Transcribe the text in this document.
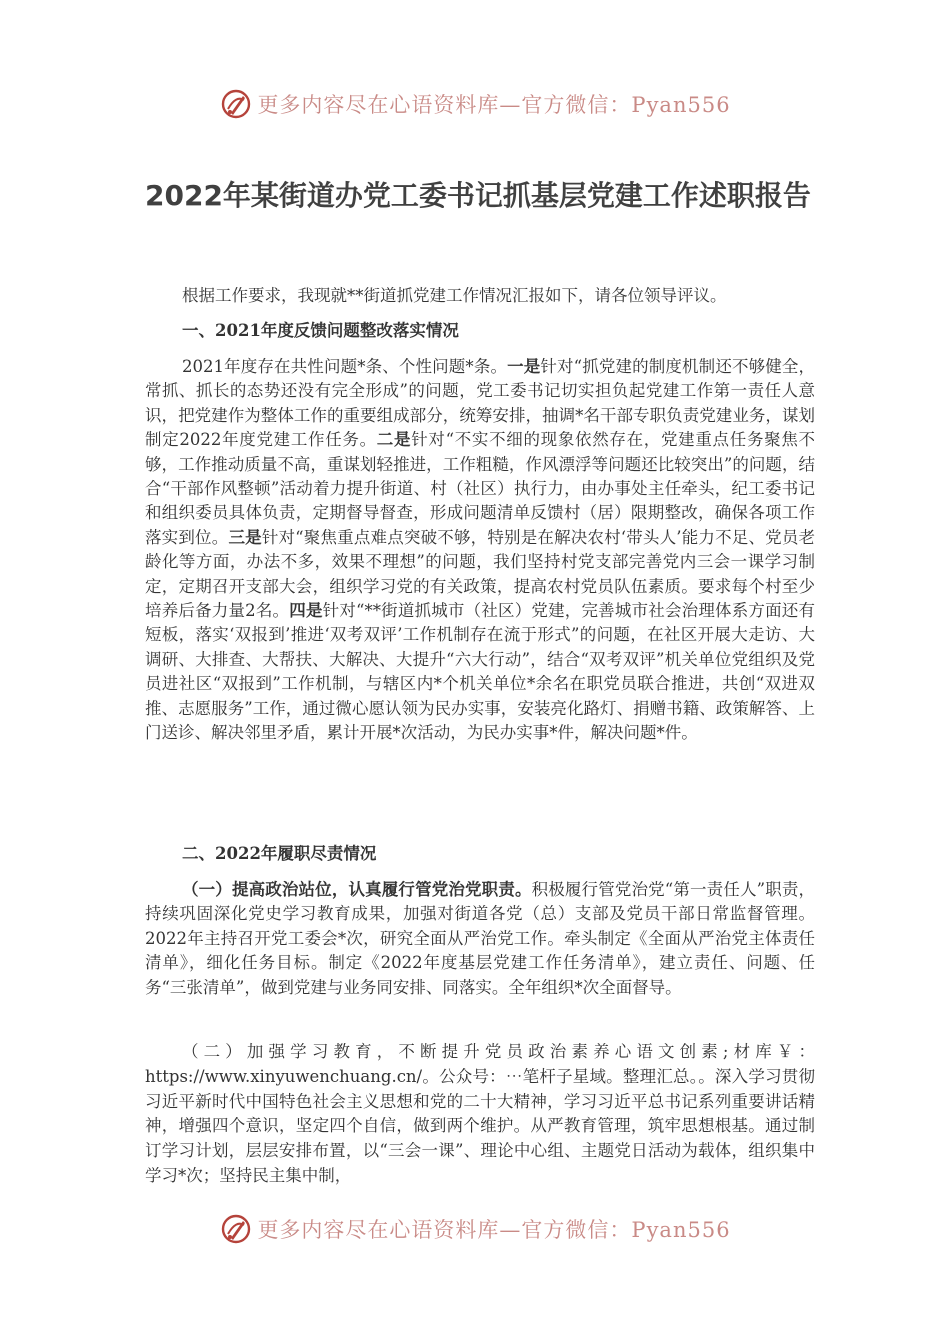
更多内容尽在心语资料库—官方微信：Pyan556
2022年某街道办党工委书记抓基层党建工作述职报告

根据工作要求，我现就**街道抓党建工作情况汇报如下，请各位领导评议。

一、2021年度反馈问题整改落实情况

2021年度存在共性问题*条、个性问题*条。一是针对“抓党建的制度机制还不够健全，常抓、抓长的态势还没有完全形成”的问题，党工委书记切实担负起党建工作第一责任人意识，把党建作为整体工作的重要组成部分，统筹安排，抽调*名干部专职负责党建业务，谋划制定2022年度党建工作任务。二是针对“不实不细的现象依然存在，党建重点任务聚焦不够，工作推动质量不高，重谋划轻推进，工作粗糙，作风漂浮等问题还比较突出”的问题，结合“干部作风整顿”活动着力提升街道、村（社区）执行力，由办事处主任牵头，纪工委书记和组织委员具体负责，定期督导督查，形成问题清单反馈村（居）限期整改，确保各项工作落实到位。三是针对“聚焦重点难点突破不够，特别是在解决农村‘带头人’能力不足、党员老龄化等方面，办法不多，效果不理想”的问题，我们坚持村党支部完善党内三会一课学习制定，定期召开支部大会，组织学习党的有关政策，提高农村党员队伍素质。要求每个村至少培养后备力量2名。四是针对“**街道抓城市（社区）党建，完善城市社会治理体系方面还有短板，落实‘双报到’推进‘双考双评’工作机制存在流于形式”的问题，在社区开展大走访、大调研、大排查、大帮扶、大解决、大提升“六大行动”，结合“双考双评”机关单位党组织及党员进社区“双报到”工作机制，与辖区内*个机关单位*余名在职党员联合推进，共创“双进双推、志愿服务”工作，通过微心愿认领为民办实事，安装亮化路灯、捐赠书籍、政策解答、上门送诊、解决邻里矛盾，累计开展*次活动，为民办实事*件，解决问题*件。

二、2022年履职尽责情况

（一）提高政治站位，认真履行管党治党职责。积极履行管党治党“第一责任人”职责，持续巩固深化党史学习教育成果，加强对街道各党（总）支部及党员干部日常监督管理。2022年主持召开党工委会*次，研究全面从严治党工作。牵头制定《全面从严治党主体责任清单》，细化任务目标。制定《2022年度基层党建工作任务清单》，建立责任、问题、任务“三张清单”，做到党建与业务同安排、同落实。全年组织*次全面督导。

（二）加强学习教育，不断提升党员政治素养心语文创素;材库￥：https://www.xinyuwenchuang.cn/。公众号：⋯笔杆子星域。整理汇总。。深入学习贯彻习近平新时代中国特色社会主义思想和党的二十大精神，学习习近平总书记系列重要讲话精神，增强四个意识，坚定四个自信，做到两个维护。从严教育管理，筑牢思想根基。通过制订学习计划，层层安排布置，以“三会一课”、理论中心组、主题党日活动为载体，组织集中学习*次；坚持民主集中制，

更多内容尽在心语资料库—官方微信：Pyan556
